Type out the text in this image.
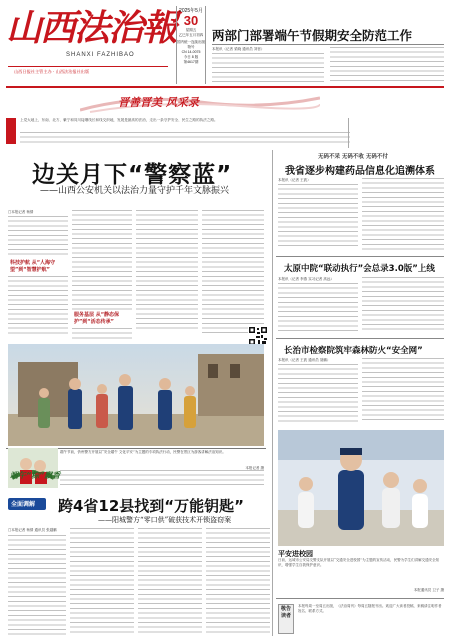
山西法治報
SHANXI FAZHIBAO
山西日报社主管主办 · 山西法治报社出版
2025年5月
30
星期五
乙巳年五月初四
国内统一连续出版物号
CN 14-0075
今日 8 版
第4617期
两部门部署端午节假期安全防范工作
本报讯（记者 梁晓 通讯员 刘晋）
晋善晋美 风采录
上党大地上，东南、北方、紫宁和同川接壤线长和线交织地，发展是最高的法治，走出一条守护安全、民生之路的执法之路。
边关月下“警察蓝”
——山西公安机关以法治力量守护千年文脉振兴
□本报记者 杨倩
科技护航 从“人海守望”到“智慧护航”
服务基层 从“静态保护”到“活态传承”
端午节前，忻州警方开展以“安全端午 文化平安”为主题的专项执法行动，民警在景区为游客讲解法治知识。
本报记者 摄
端午“粽”飘香
全面调解 跨4省12县找到“万能钥匙”
——阳城警方“零口供”破获技术开锁盗窃案
□本报记者 杨倩 通讯员 张越鹏
无码不采 无码不收 无码不付
我省逐步构建药品信息化追溯体系
本报讯（记者 王波）
太原中院“联动执行”会总录3.0版”上线
本报讯（记者 李燕 实习记者 高远）
长治市检察院筑牢森林防火“安全网”
本报讯（记者 王波 通讯员 聂鹏）
平安进校园
日前，运城市公安局交警支队开展以“交通安全进校园”为主题的宣传活动，民警为学生们讲解交通安全知识，增强学生自我保护意识。
本报通讯员 卫子 摄
敬告读者
本报每周一至周五出版，《法治周刊》每周五随报刊出。欢迎广大读者投稿，来稿请注明作者姓名、联系方式。
